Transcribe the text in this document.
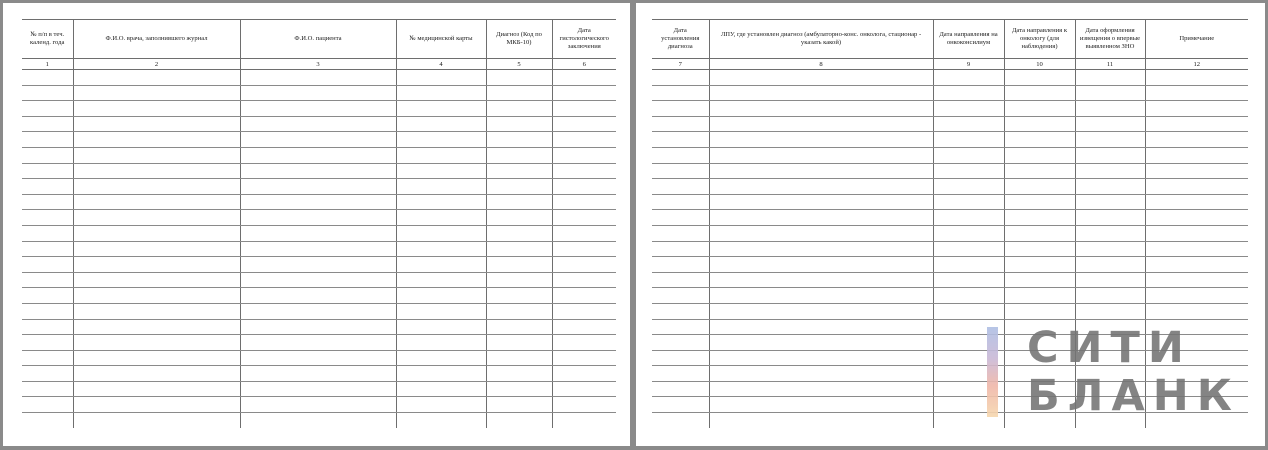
№ п/п в теч. календ. года	Ф.И.О. врача, заполнившего журнал	Ф.И.О. пациента	№ медицинской карты	Диагноз (Код по МКБ-10)	Дата гистологического заключения
1	2	3	4	5	6

Дата установления диагноза	ЛПУ, где установлен диагноз (амбулаторно-конс. онколога, стационар - указать какой)	Дата направления на онкоконсилиум	Дата направления к онкологу (для наблюдения)	Дата оформления извещения о впервые выявленном ЗНО	Примечание
7	8	9	10	11	12

СИТИ
БЛАНК
